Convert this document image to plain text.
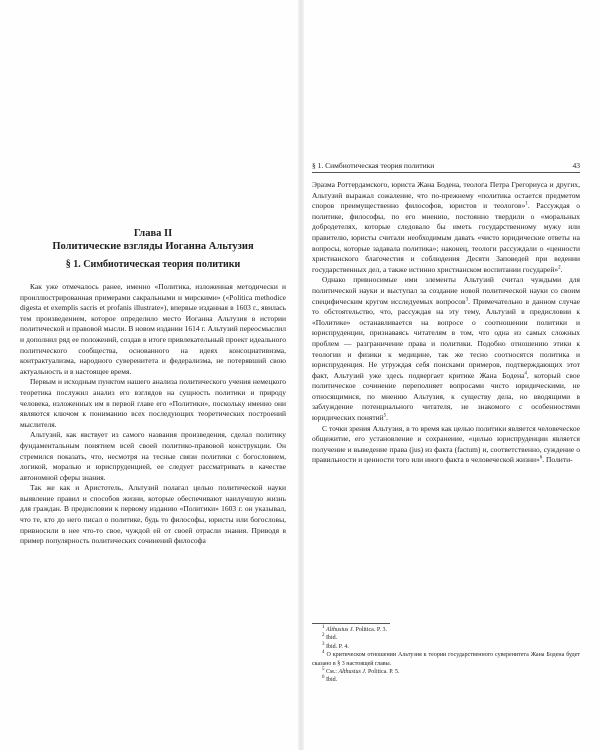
Глава II
Политические взгляды Иоганна Альтузия
§ 1. Симбиотическая теория политики

Как уже отмечалось ранее, именно «Политика, изложенная методически и проиллюстрированная примерами сакральными и мирскими» («Politica methodice digesta et exemplis sacris et profanis illustrate»), впервые изданная в 1603 г., явилась тем произведением, которое определило место Иоганна Альтузия в истории политической и правовой мысли. В новом издании 1614 г. Альтузий переосмыслил и дополнил ряд ее положений, создав в итоге привлекательный проект идеального политического сообщества, основанного на идеях консоциативизма, контрактуализма, народного суверенитета и федерализма, не потерявший свою актуальность и в настоящее время.

Первым и исходным пунктом нашего анализа политического учения немецкого теоретика послужил анализ его взглядов на сущность политики и природу человека, изложенных им в первой главе его «Политики», поскольку именно они являются ключом к пониманию всех последующих теоретических построений мыслителя.

Альтузий, как явствует из самого названия произведения, сделал политику фундаментальным понятием всей своей политико-правовой конструкции. Он стремился показать, что, несмотря на тесные связи политики с богословием, логикой, моралью и юриспруденцией, ее следует рассматривать в качестве автономной сферы знания.

Так же как и Аристотель, Альтузий полагал целью политической науки выявление правил и способов жизни, которые обеспечивают наилучшую жизнь для граждан. В предисловии к первому изданию «Политики» 1603 г. он указывал, что те, кто до него писал о политике, будь то философы, юристы или богословы, привносили в нее что-то свое, чуждой ей от своей отрасли знания. Приводя в пример популярность политических сочинений философа

§ 1. Симбиотическая теория политики	43

Эразма Роттердамского, юриста Жана Бодена, теолога Петра Грегориуса и других, Альтузий выражал сожаление, что по-прежнему «политика остается предметом споров преимущественно философов, юристов и теологов»$^1$. Рассуждая о политике, философы, по его мнению, постоянно твердили о «моральных добродетелях, которые следовало бы иметь государственному мужу или правителю, юристы считали необходимым давать «чисто юридические ответы на вопросы, которые задавала политика»; наконец, теологи рассуждали о «ценности христианского благочестия и соблюдения Десяти Заповедей при ведении государственных дел, а также истинно христианском воспитании государей»$^2$.

Однако привносимые ими элементы Альтузий считал чуждыми для политической науки и выступал за создание новой политической науки со своим специфическим кругом исследуемых вопросов$^3$. Примечательно в данном случае то обстоятельство, что, рассуждая на эту тему, Альтузий в предисловии к «Политике» останавливается на вопросе о соотношении политики и юриспруденции, признаваясь читателям в том, что одна из самых сложных проблем — разграничение права и политики. Подобно отношению этики к теологии и физики к медицине, так же тесно соотносятся политика и юриспруденция. Не утруждая себя поисками примеров, подтверждающих этот факт, Альтузий уже здесь подвергает критике Жана Бодена$^4$, который свое политическое сочинение переполняет вопросами чисто юридическими, не относящимися, по мнению Альтузия, к существу дела, но вводящими в заблуждение потенциального читателя, не знакомого с особенностями юридических понятий$^5$.

С точки зрения Альтузия, в то время как целью политики является человеческое общежитие, его установление и сохранение, «целью юриспруденции является получение и выведение права (jus) из факта (factum) и, соответственно, суждение о правильности и ценности того или иного факта в человеческой жизни»$^6$. Полити-

$^1$ Althusius J. Politica. P. 3.

$^2$ Ibid.

$^3$ Ibid. P. 4.

$^4$ О критическом отношении Альтузия к теории государственного суверенитета Жана Бодена будет сказано в § 3 настоящей главы.

$^5$ См.: Althusius J. Politica. P. 5.

$^6$ Ibid.
